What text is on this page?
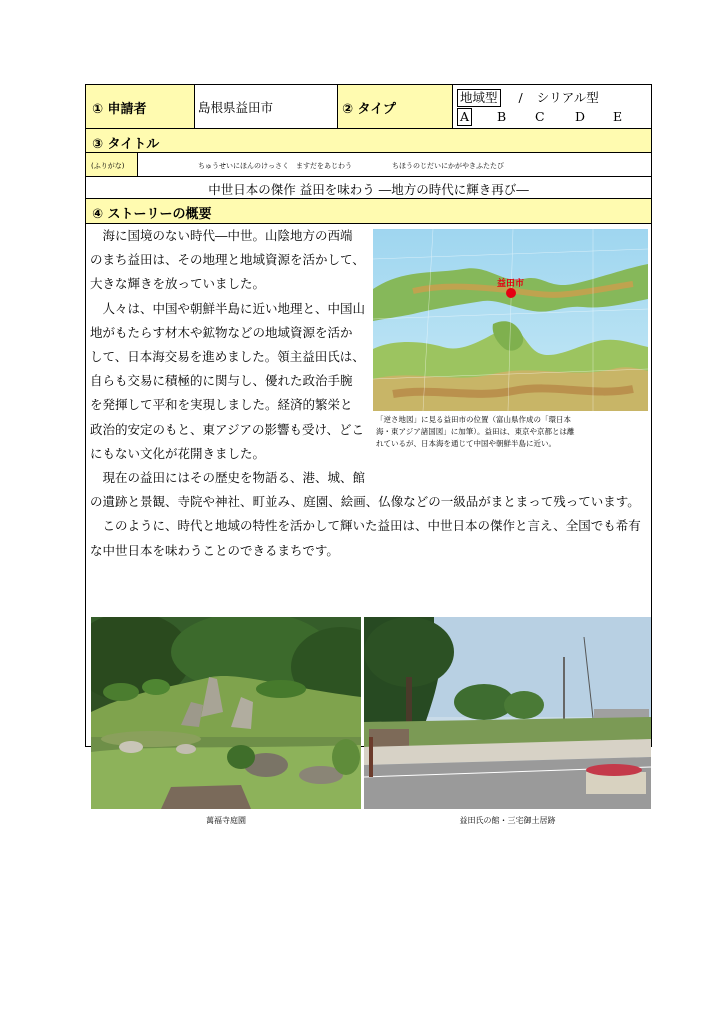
① 申請者	島根県益田市	② タイプ
地域型 / シリアル型
A B C D E
③ タイトル
(ふりがな)	ちゅうせいにほんのけっさく　ますだをあじわう	ちほうのじだいにかがやきふたたび
中世日本の傑作 益田を味わう ―地方の時代に輝き再び―
④ ストーリーの概要
　海に国境のない時代―中世。山陰地方の西端
のまち益田は、その地理と地域資源を活かして、
大きな輝きを放っていました。
　人々は、中国や朝鮮半島に近い地理と、中国山
地がもたらす材木や鉱物などの地域資源を活か
して、日本海交易を進めました。領主益田氏は、
自らも交易に積極的に関与し、優れた政治手腕
を発揮して平和を実現しました。経済的繁栄と
政治的安定のもと、東アジアの影響も受け、どこ
にもない文化が花開きました。
益田市
「逆さ地図」に見る益田市の位置（富山県作成の「環日本
海・東アジア諸国図」に加筆）。益田は、東京や京都とは離
れているが、日本海を通じて中国や朝鮮半島に近い。
　現在の益田にはその歴史を物語る、港、城、館
の遺跡と景観、寺院や神社、町並み、庭園、絵画、仏像などの一級品がまとまって残っています。
　このように、時代と地域の特性を活かして輝いた益田は、中世日本の傑作と言え、全国でも希有
な中世日本を味わうことのできるまちです。
萬福寺庭園	益田氏の館・三宅御土居跡
